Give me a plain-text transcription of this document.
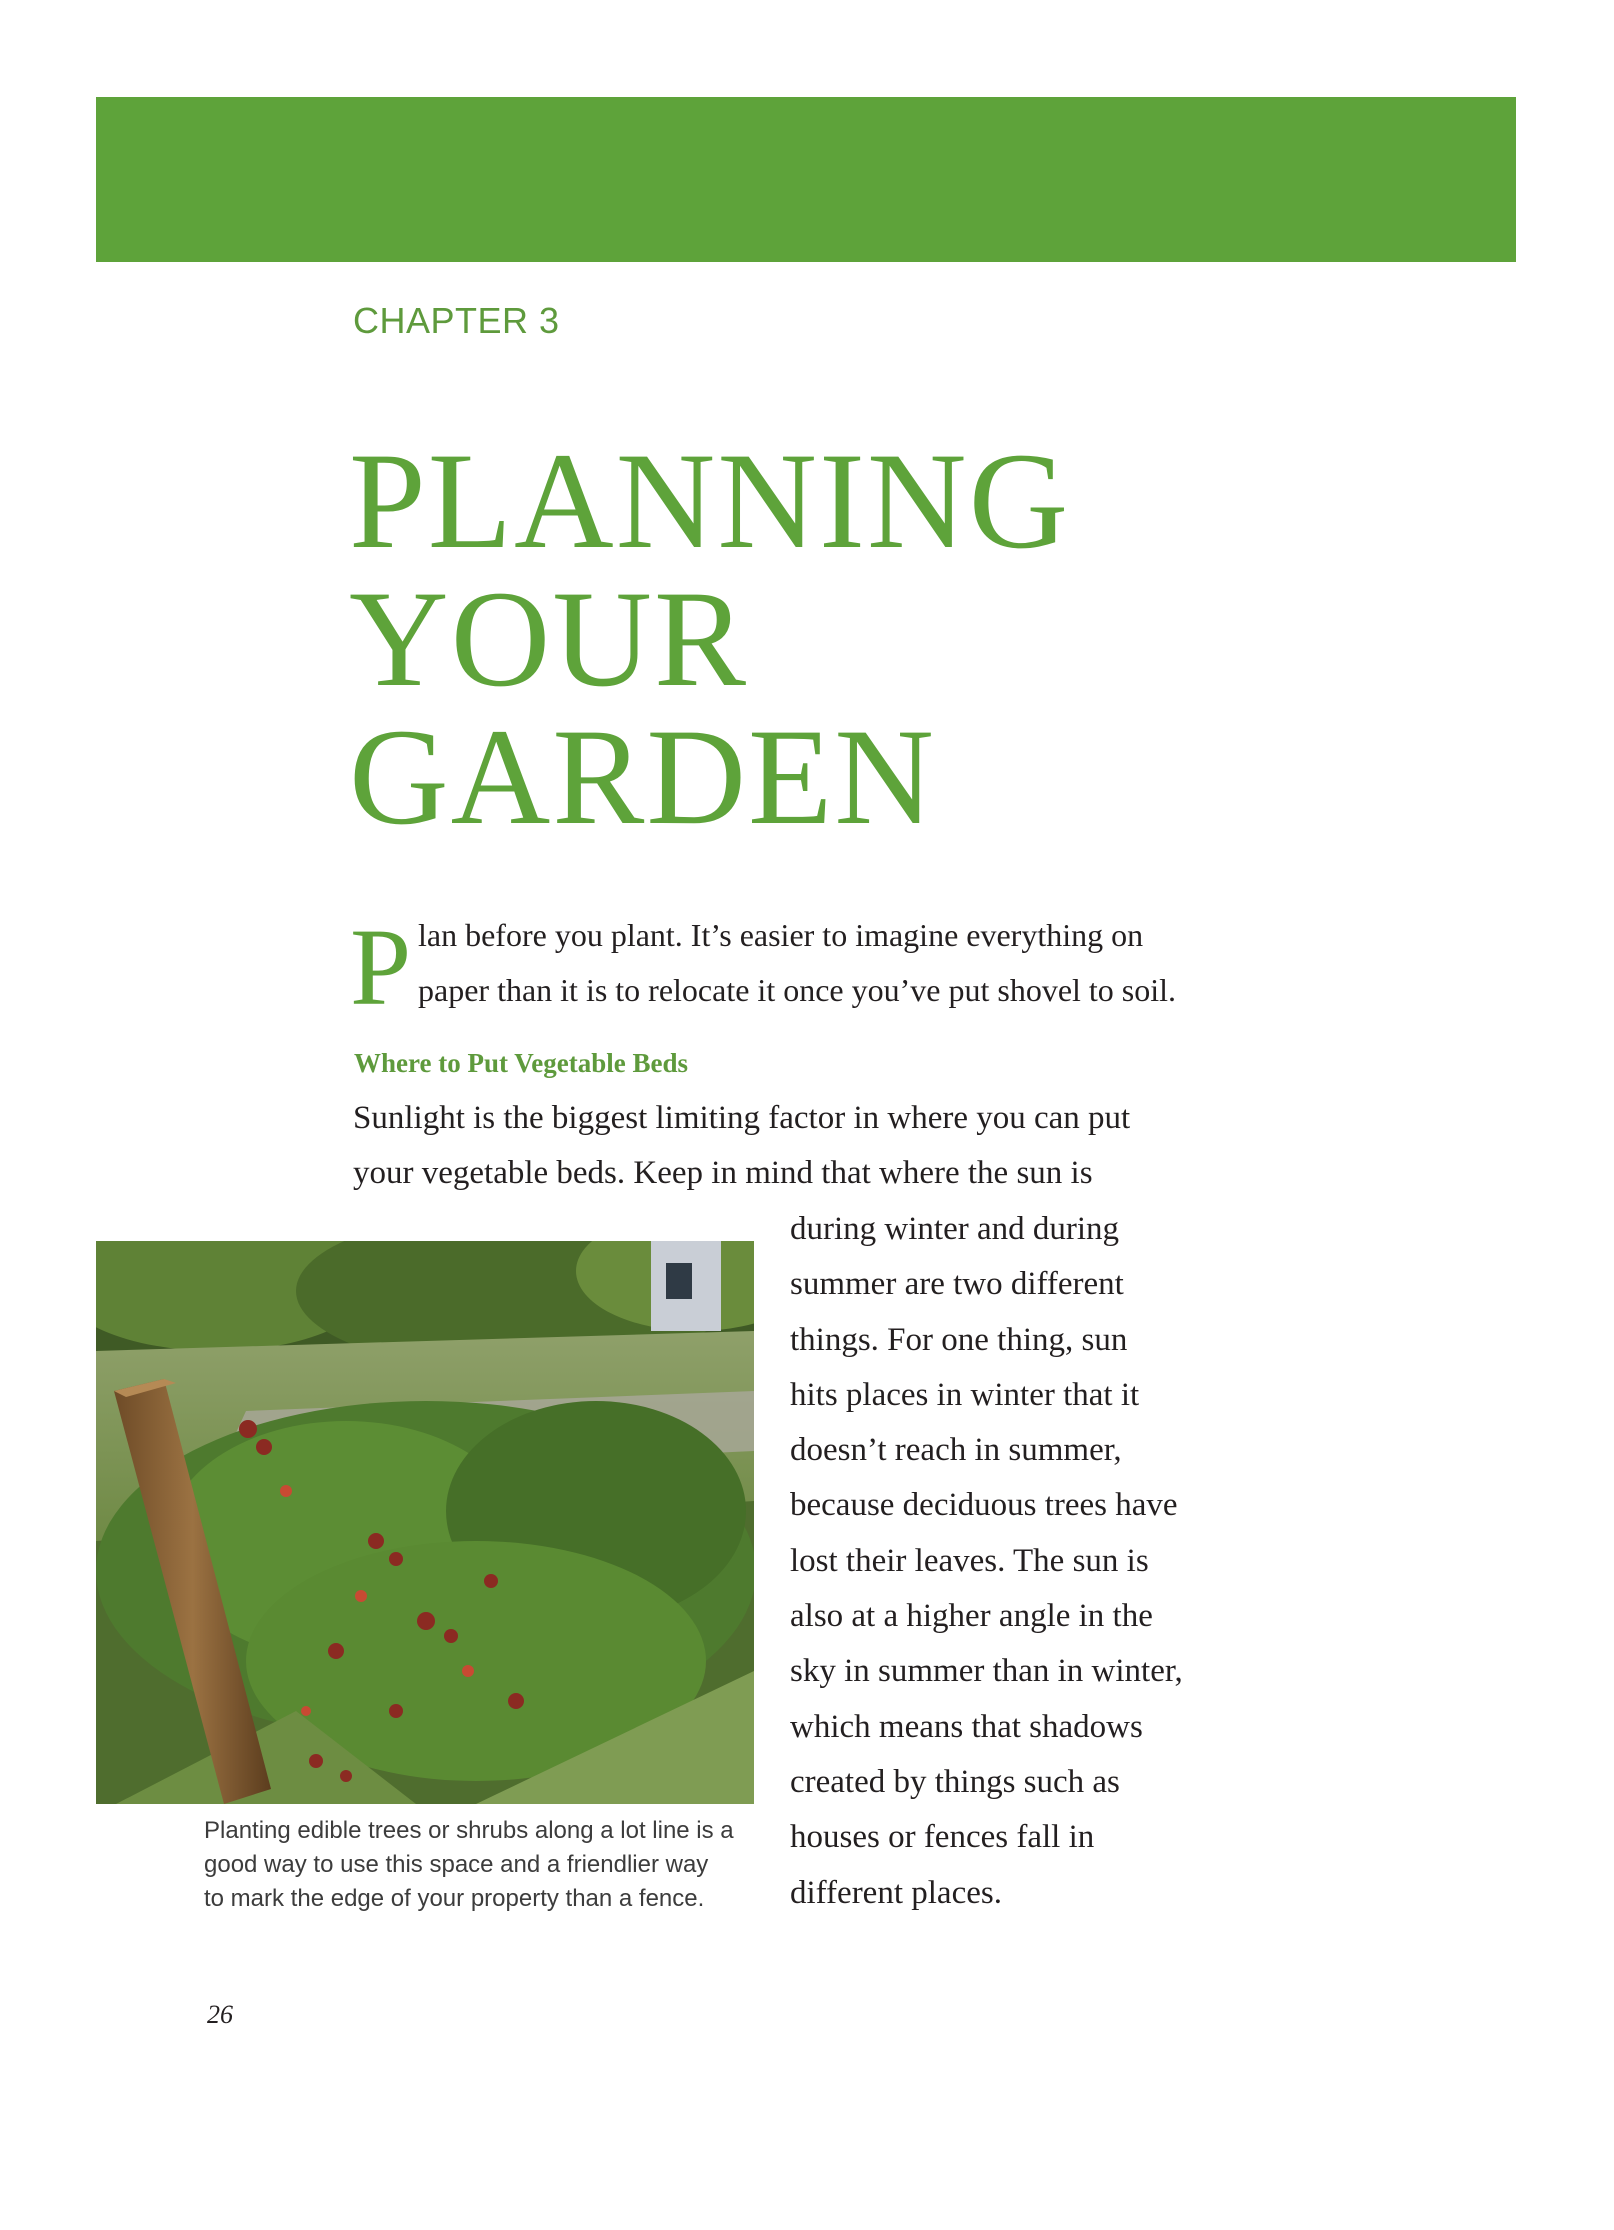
CHAPTER 3
PLANNING
YOUR
GARDEN
P lan before you plant. It’s easier to imagine everything on
paper than it is to relocate it once you’ve put shovel to soil.
Where to Put Vegetable Beds
Sunlight is the biggest limiting factor in where you can put
your vegetable beds. Keep in mind that where the sun is
during winter and during
summer are two different
things. For one thing, sun
hits places in winter that it
doesn’t reach in summer,
because deciduous trees have
lost their leaves. The sun is
also at a higher angle in the
sky in summer than in winter,
which means that shadows
created by things such as
houses or fences fall in
different places.
Planting edible trees or shrubs along a lot line is a
good way to use this space and a friendlier way
to mark the edge of your property than a fence.
26
